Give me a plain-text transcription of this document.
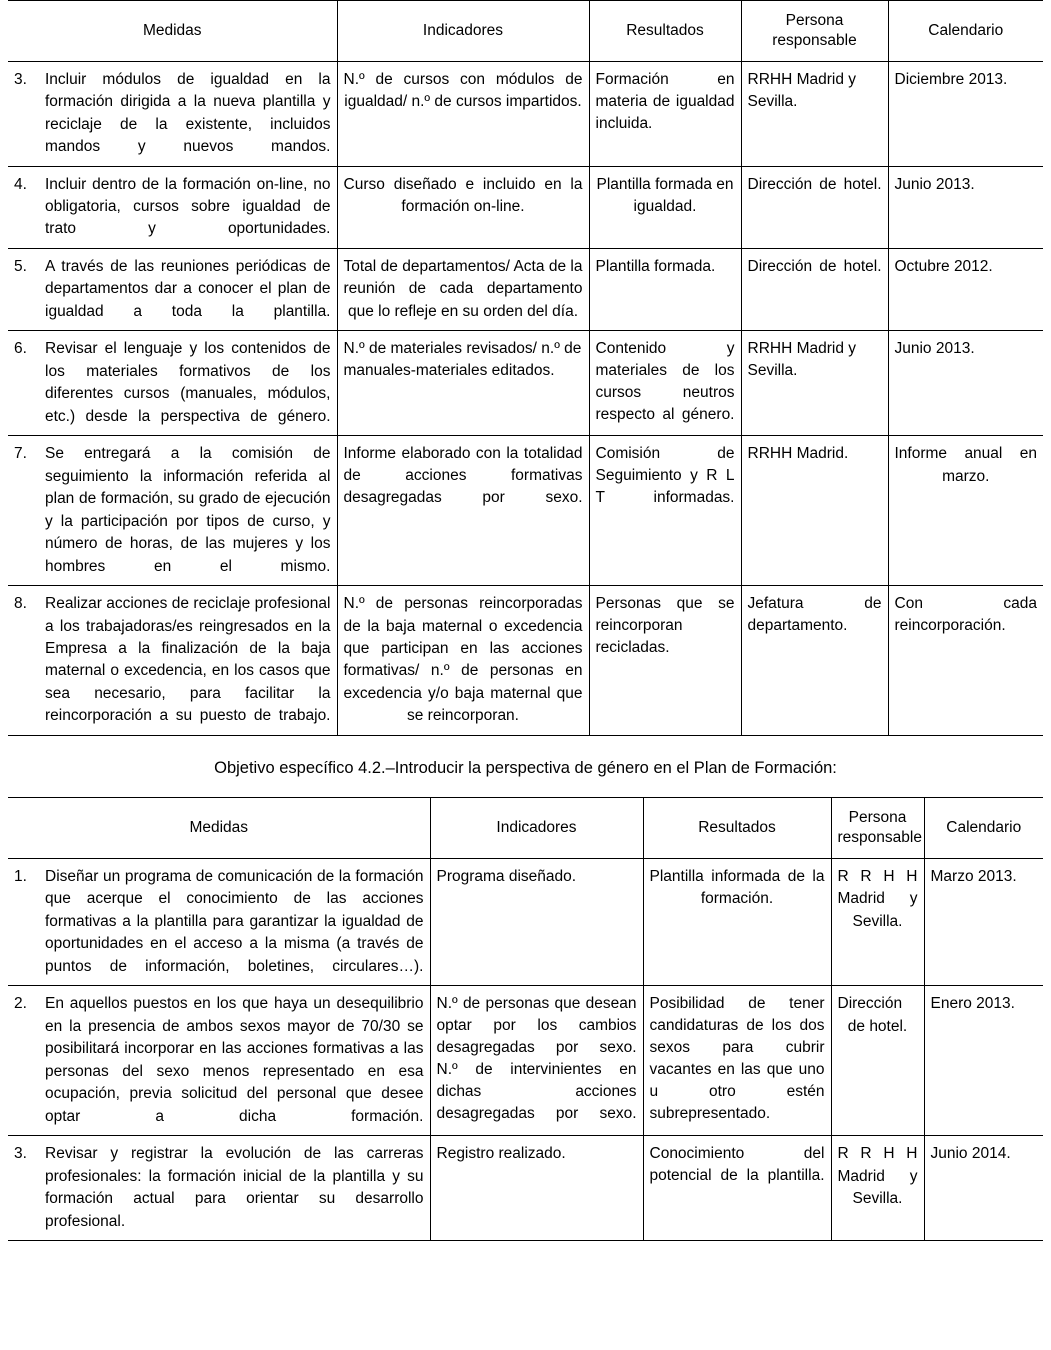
Medidas	Indicadores	Resultados	Persona responsable	Calendario

3. Incluir módulos de igualdad en la formación dirigida a la nueva plantilla y reciclaje de la existente, incluidos mandos y nuevos mandos.	N.º de cursos con módulos de igualdad/ n.º de cursos impartidos.	Formación en materia de igualdad incluida.	RRHH Madrid y Sevilla.	Diciembre 2013.

4. Incluir dentro de la formación on-line, no obligatoria, cursos sobre igualdad de trato y oportunidades.	Curso diseñado e incluido en la formación on-line.	Plantilla formada en igualdad.	Dirección de hotel.	Junio 2013.

5. A través de las reuniones periódicas de departamentos dar a conocer el plan de igualdad a toda la plantilla.	Total de departamentos/ Acta de la reunión de cada departamento que lo refleje en su orden del día.	Plantilla formada.	Dirección de hotel.	Octubre 2012.

6. Revisar el lenguaje y los contenidos de los materiales formativos de los diferentes cursos (manuales, módulos, etc.) desde la perspectiva de género.	N.º de materiales revisados/ n.º de manuales-materiales editados.	Contenido y materiales de los cursos neutros respecto al género.	RRHH Madrid y Sevilla.	Junio 2013.

7. Se entregará a la comisión de seguimiento la información referida al plan de formación, su grado de ejecución y la participación por tipos de curso, y número de horas, de las mujeres y los hombres en el mismo.	Informe elaborado con la totalidad de acciones formativas desagregadas por sexo.	Comisión de Seguimiento y R L T informadas.	RRHH Madrid.	Informe anual en marzo.

8. Realizar acciones de reciclaje profesional a los trabajadoras/es reingresados en la Empresa a la finalización de la baja maternal o excedencia, en los casos que sea necesario, para facilitar la reincorporación a su puesto de trabajo.	N.º de personas reincorporadas de la baja maternal o excedencia que participan en las acciones formativas/ n.º de personas en excedencia y/o baja maternal que se reincorporan.	Personas que se reincorporan recicladas.	Jefatura de departamento.	Con cada reincorporación.

Objetivo específico 4.2.–Introducir la perspectiva de género en el Plan de Formación:

Medidas	Indicadores	Resultados	Persona responsable	Calendario

1. Diseñar un programa de comunicación de la formación que acerque el conocimiento de las acciones formativas a la plantilla para garantizar la igualdad de oportunidades en el acceso a la misma (a través de puntos de información, boletines, circulares…).	Programa diseñado.	Plantilla informada de la formación.	R R H H Madrid y Sevilla.	Marzo 2013.

2. En aquellos puestos en los que haya un desequilibrio en la presencia de ambos sexos mayor de 70/30 se posibilitará incorporar en las acciones formativas a las personas del sexo menos representado en esa ocupación, previa solicitud del personal que desee optar a dicha formación.	N.º de personas que desean optar por los cambios desagregadas por sexo.
N.º de intervinientes en dichas acciones desagregadas por sexo.	Posibilidad de tener candidaturas de los dos sexos para cubrir vacantes en las que uno u otro estén subrepresentado.	Dirección de hotel.	Enero 2013.

3. Revisar y registrar la evolución de las carreras profesionales: la formación inicial de la plantilla y su formación actual para orientar su desarrollo profesional.	Registro realizado.	Conocimiento del potencial de la plantilla.	R R H H Madrid y Sevilla.	Junio 2014.
